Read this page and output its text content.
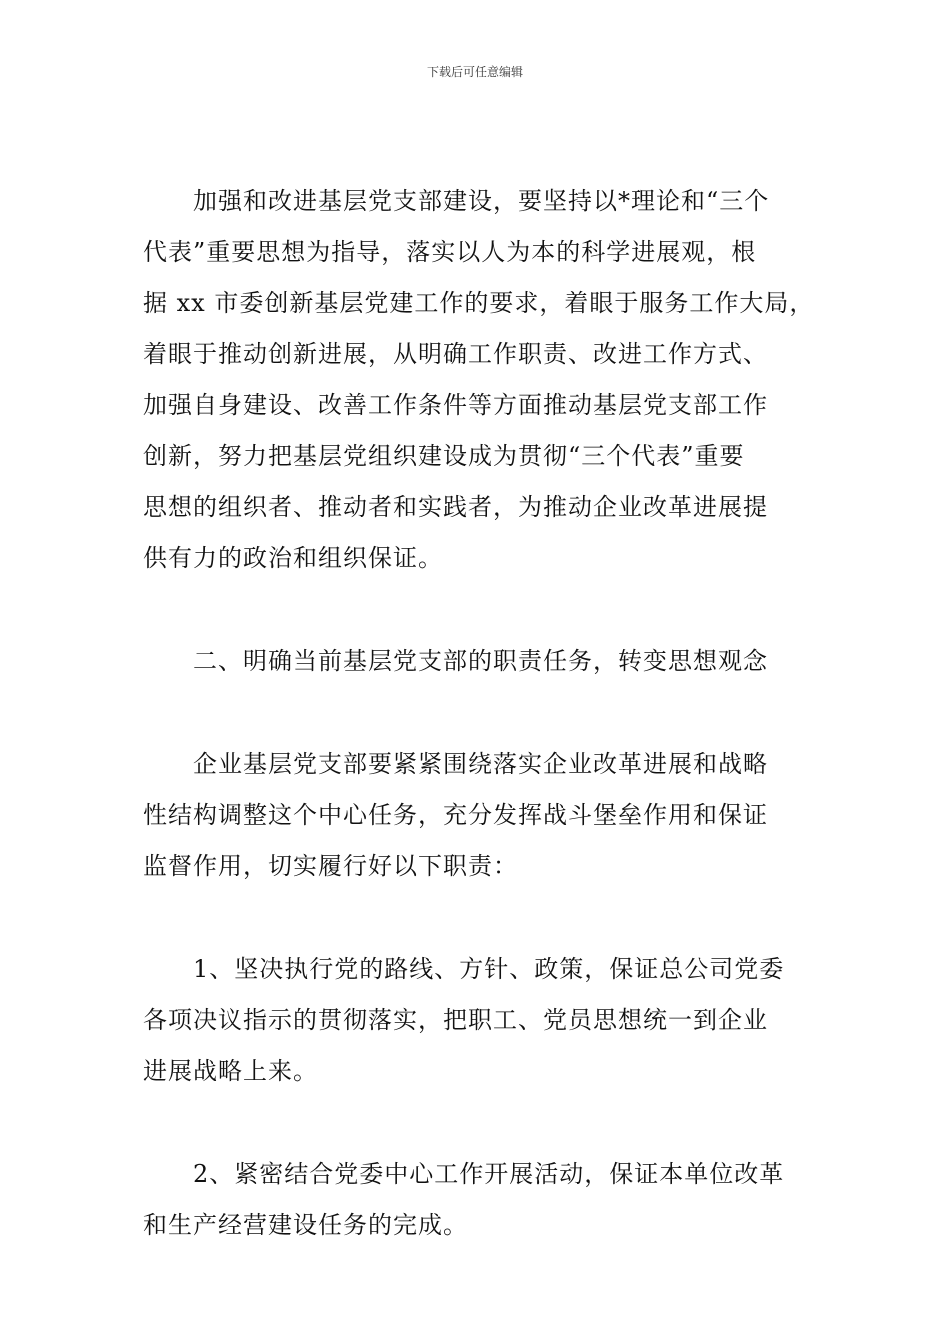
下载后可任意编辑

加强和改进基层党支部建设，要坚持以*理论和“三个
代表”重要思想为指导，落实以人为本的科学进展观，根
据 xx 市委创新基层党建工作的要求，着眼于服务工作大局，
着眼于推动创新进展，从明确工作职责、改进工作方式、
加强自身建设、改善工作条件等方面推动基层党支部工作
创新，努力把基层党组织建设成为贯彻“三个代表”重要
思想的组织者、推动者和实践者，为推动企业改革进展提
供有力的政治和组织保证。

二、明确当前基层党支部的职责任务，转变思想观念

企业基层党支部要紧紧围绕落实企业改革进展和战略
性结构调整这个中心任务，充分发挥战斗堡垒作用和保证
监督作用，切实履行好以下职责：

1、坚决执行党的路线、方针、政策，保证总公司党委
各项决议指示的贯彻落实，把职工、党员思想统一到企业
进展战略上来。

2、紧密结合党委中心工作开展活动，保证本单位改革
和生产经营建设任务的完成。
